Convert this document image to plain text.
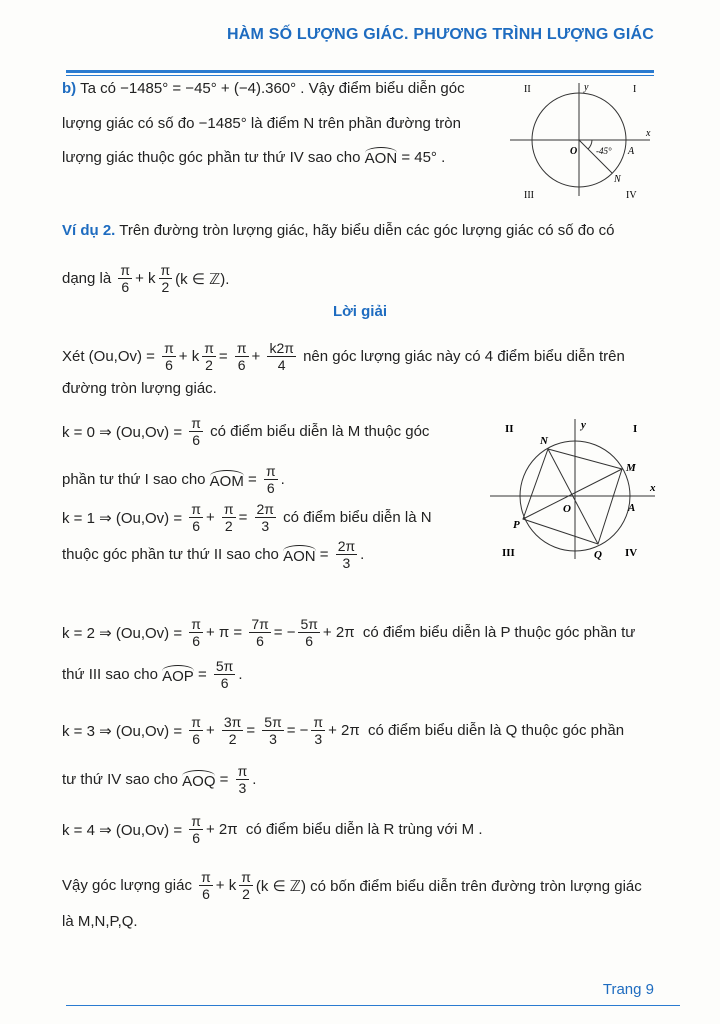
HÀM SỐ LƯỢNG GIÁC. PHƯƠNG TRÌNH LƯỢNG GIÁC
b) Ta có −1485° = −45° + (−4).360° . Vậy điểm biểu diễn góc
lượng giác có số đo −1485° là điểm N trên phần đường tròn
lượng giác thuộc góc phần tư thứ IV sao cho AON = 45° .
Ví dụ 2. Trên đường tròn lượng giác, hãy biểu diễn các góc lượng giác có số đo có
dạng là $\frac{\pi}{6} + k \frac{\pi}{2} (k$ ∈ ℤ).
Lời giải
Xét $(Ou,Ov) = \frac{\pi}{6} + k \frac{\pi}{2} = \frac{\pi}{6} + \frac{k2\pi}{4}$ nên góc lượng giác này có 4 điểm biểu diễn trên
đường tròn lượng giác.
k = 0 ⇒ $(Ou,Ov) = \frac{\pi}{6}$ có điểm biểu diễn là M thuộc góc
phần tư thứ I sao cho AOM = $\frac{\pi}{6}$ .
k = 1 ⇒ $(Ou,Ov) = \frac{\pi}{6} + \frac{\pi}{2} = \frac{2\pi}{3}$ có điểm biểu diễn là N
thuộc góc phần tư thứ II sao cho AON = $\frac{2\pi}{3}$ .
k = 2 ⇒ $(Ou,Ov) = \frac{\pi}{6} + \pi = \frac{7\pi}{6}$ = − $\frac{5\pi}{6} + 2\pi$  có điểm biểu diễn là P thuộc góc phần tư
thứ III sao cho AOP = $\frac{5\pi}{6}$ .
k = 3 ⇒ $(Ou,Ov) = \frac{\pi}{6} + \frac{3\pi}{2} = \frac{5\pi}{3}$ = − $\frac{\pi}{3} + 2\pi$  có điểm biểu diễn là Q thuộc góc phần
tư thứ IV sao cho AOQ = $\frac{\pi}{3}$ .
k = 4 ⇒ $(Ou,Ov) = \frac{\pi}{6} + 2\pi$  có điểm biểu diễn là R trùng với M .
Vậy góc lượng giác $\frac{\pi}{6} + k \frac{\pi}{2} (k$ ∈ ℤ) có bốn điểm biểu diễn trên đường tròn lượng giác
là M,N,P,Q.
II	I
III	IV
x
y
O	A
N
-45°
II	I
III	IV
x
y
O	A
M
N
P
Q
Trang 9
